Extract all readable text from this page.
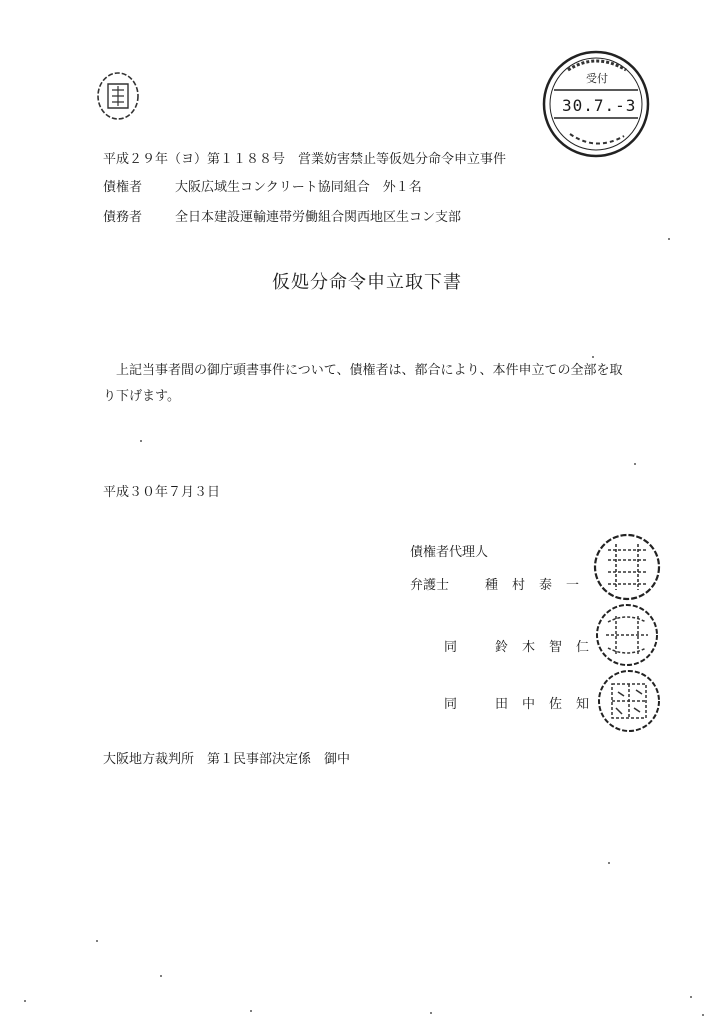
受付
30.7.-3
平成２９年（ヨ）第１１８８号　営業妨害禁止等仮処分命令申立事件
債権者	大阪広域生コンクリート協同組合　外１名
債務者	全日本建設運輸連帯労働組合関西地区生コン支部
仮処分命令申立取下書
上記当事者間の御庁頭書事件について、債権者は、都合により、本件申立ての全部を取り下げます。
平成３０年７月３日
債権者代理人
弁護士	種村泰一
同	鈴木智仁
同	田中佐知
大阪地方裁判所　第１民事部決定係　御中
